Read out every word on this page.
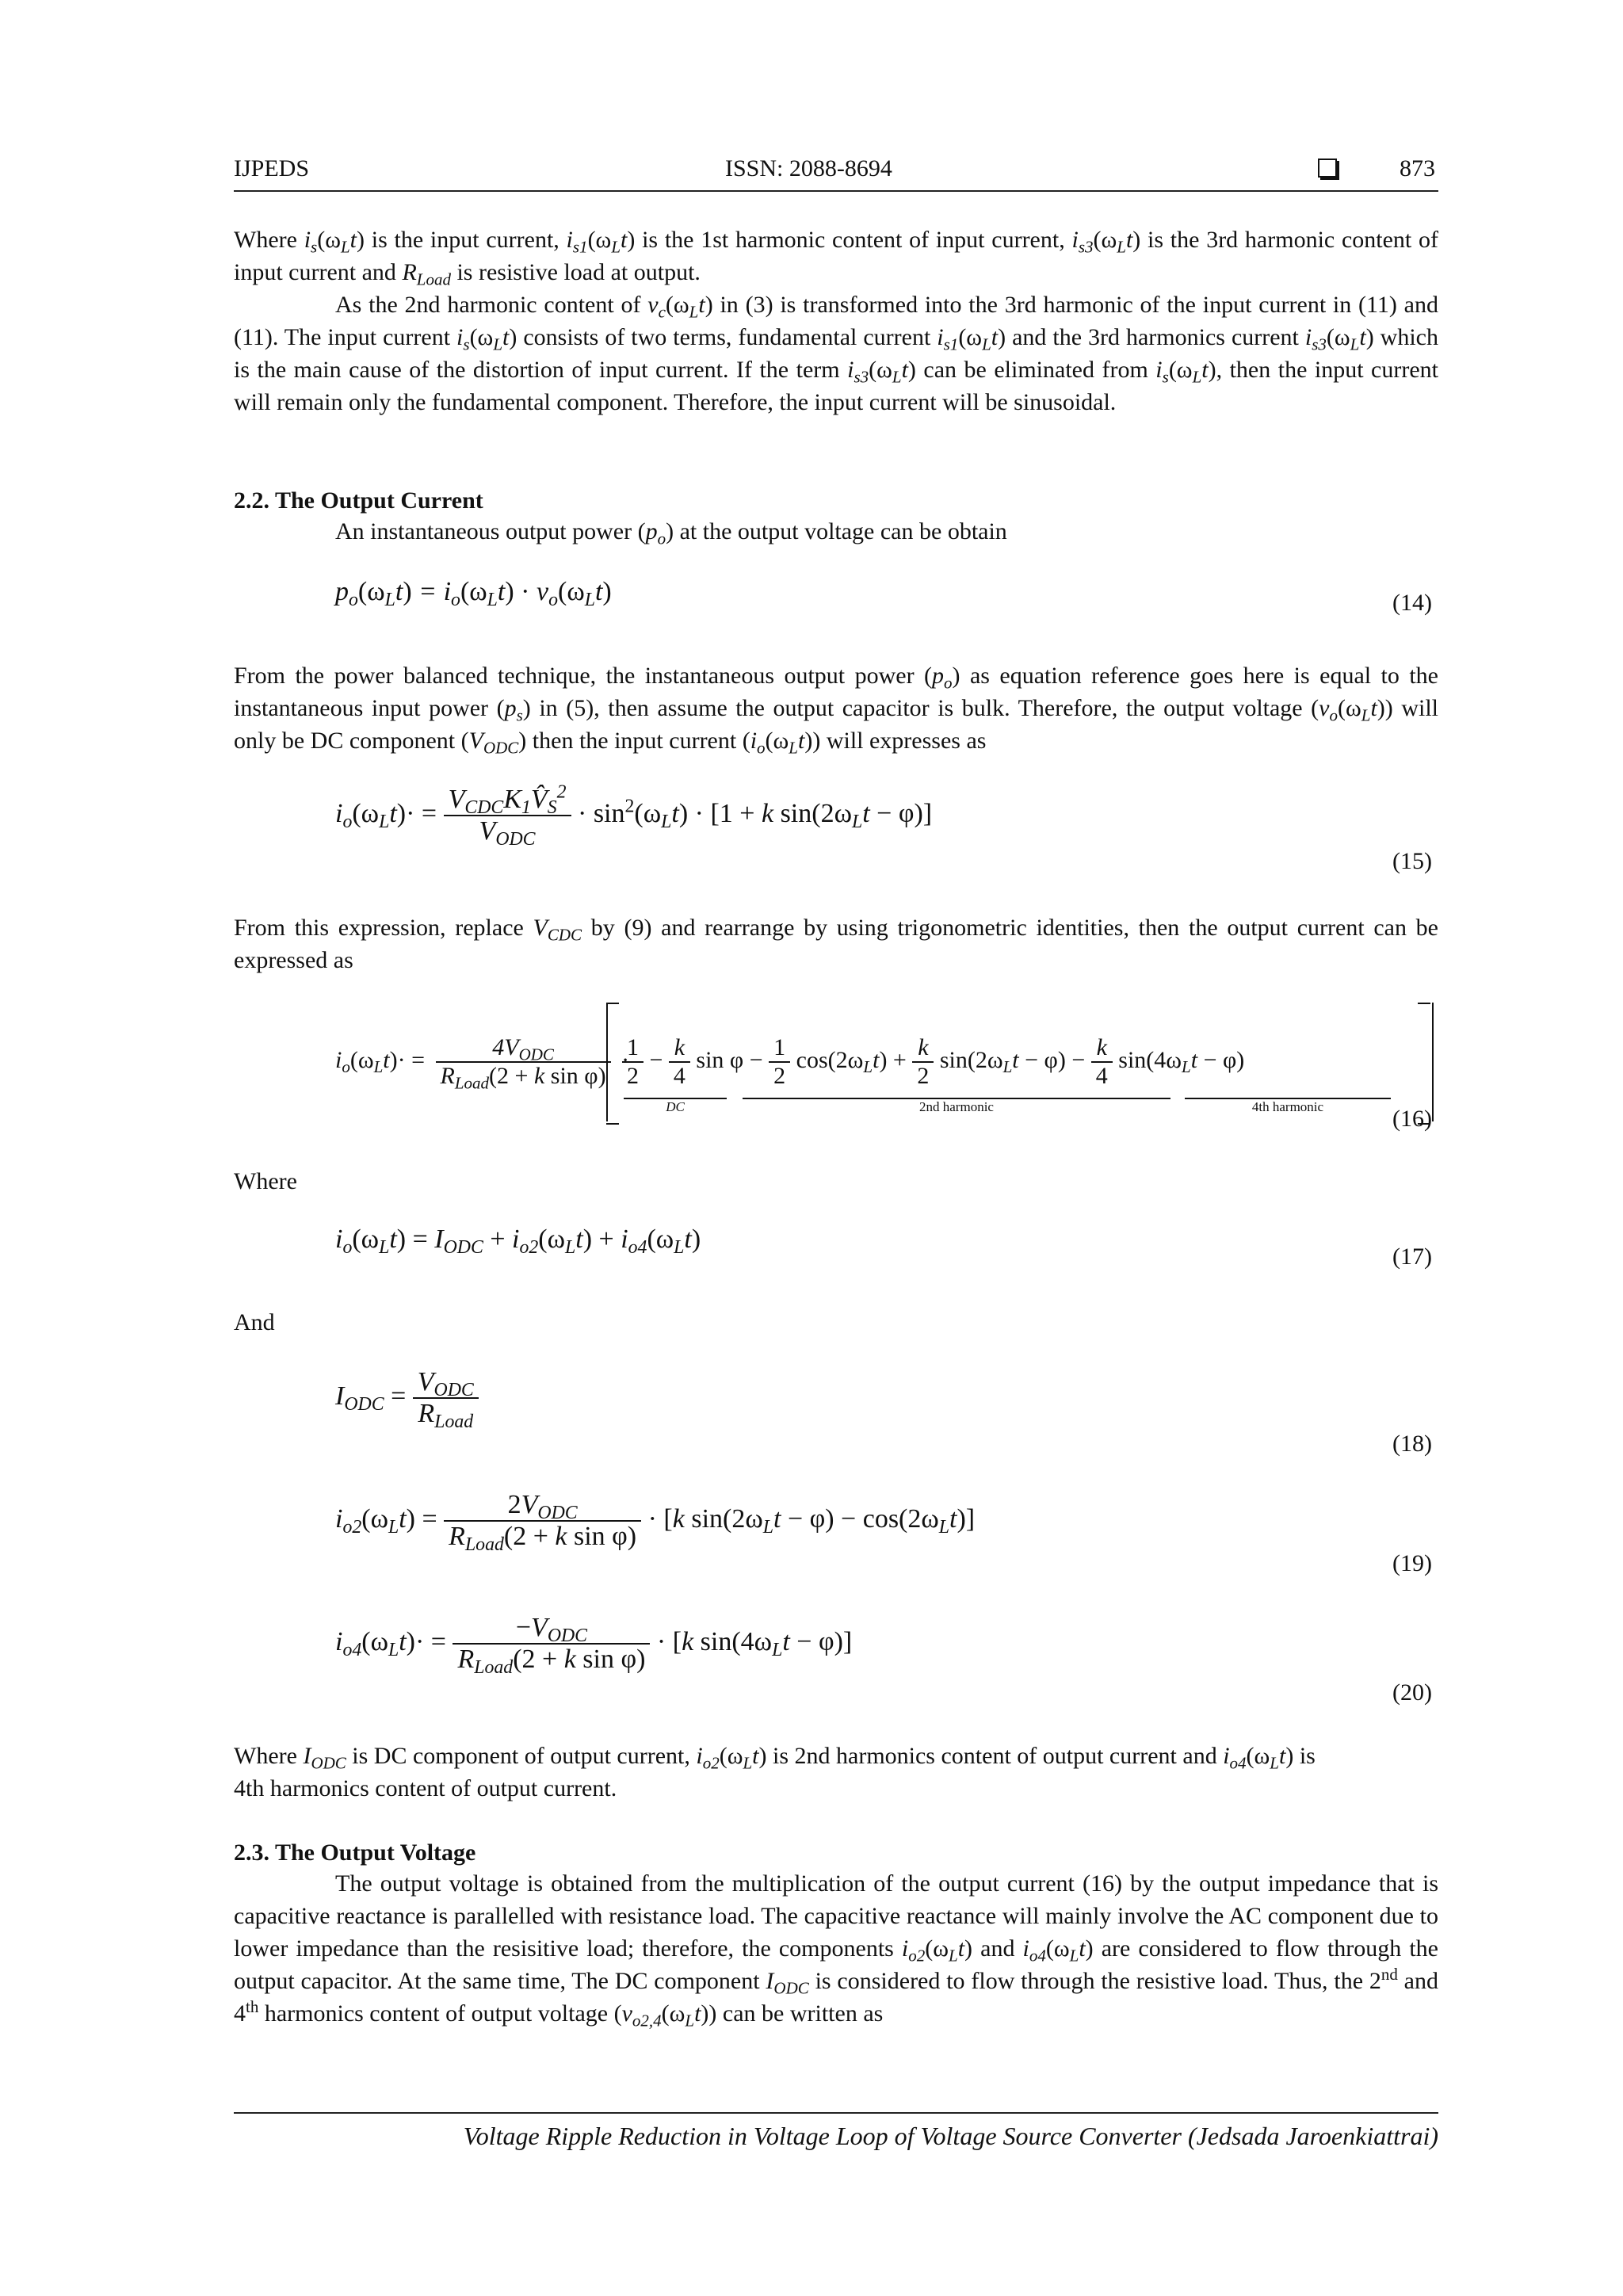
IJPEDS	ISSN: 2088-8694	873

Where $i_s(\omega_Lt)$ is the input current, $i_{s1}(\omega_Lt)$ is the 1st harmonic content of input current, $i_{s3}(\omega_Lt)$ is the 3rd harmonic content of input current and $R_{Load}$ is resistive load at output.

As the 2nd harmonic content of $v_c(\omega_Lt)$ in (3) is transformed into the 3rd harmonic of the input current in (11) and (11). The input current $i_s(\omega_Lt)$ consists of two terms, fundamental current $i_{s1}(\omega_Lt)$ and the 3rd harmonics current $i_{s3}(\omega_Lt)$ which is the main cause of the distortion of input current. If the term $i_{s3}(\omega_Lt)$ can be eliminated from $i_s(\omega_Lt)$, then the input current will remain only the fundamental component. Therefore, the input current will be sinusoidal.

2.2. The Output Current

An instantaneous output power $(p_o)$ at the output voltage can be obtain

$p_o(\omega_Lt) = i_o(\omega_Lt) \cdot v_o(\omega_Lt)$	(14)

From the power balanced technique, the instantaneous output power $(p_o)$ as equation reference goes here is equal to the instantaneous input power $(p_s)$ in (5), then assume the output capacitor is bulk. Therefore, the output voltage $(v_o(\omega_Lt))$ will only be DC component $(V_{ODC})$ then the input current $(i_o(\omega_Lt))$ will expresses as

$i_o(\omega_Lt)\cdot = \frac{V_{CDC}K_1V̂_S^2}{V_{ODC}} \cdot \sin^2(\omega_Lt) \cdot [1 + k$ $\sin(2\omega_Lt - \varphi)$]
(15)

From this expression, replace $V_{CDC}$ by (9) and rearrange by using trigonometric identities, then the output current can be expressed as

$i_o(\omega_Lt)\cdot = \frac{4V_{ODC}}{R_{Load}(2 + k \sin \varphi)}$ ·
$\frac{1}{2} - \frac{k}{4}$ $\sin \varphi - \frac{1}{2} \cos(2\omega_Lt) + \frac{k}{2} \sin(2\omega_Lt - \varphi) - \frac{k}{4} \sin(4\omega_Lt - \varphi)$
DC	2nd harmonic	4th harmonic	(16)

Where

$i_o(\omega_Lt) = I_{ODC} + i_{o2}(\omega_Lt) + i_{o4}(\omega_Lt)$
(17)

And

$I_{ODC} = \frac{V_{ODC}}{R_{Load}}$
(18)
$i_{o2}(\omega_Lt) = \frac{2V_{ODC}}{R_{Load}(2 + k \sin \varphi)} \cdot [k$ $\sin(2\omega_Lt - \varphi) - \cos(2\omega_Lt)$]
(19)
$i_{o4}(\omega_Lt)\cdot = \frac{-V_{ODC}}{R_{Load}(2 + k \sin \varphi)} \cdot [k$ $\sin(4\omega_Lt - \varphi)$]
(20)

Where $I_{ODC}$ is DC component of output current, $i_{o2}(\omega_Lt)$ is 2nd harmonics content of output current and $i_{o4}(\omega_Lt)$ is 4th harmonics content of output current.

2.3. The Output Voltage

The output voltage is obtained from the multiplication of the output current (16) by the output impedance that is capacitive reactance is parallelled with resistance load. The capacitive reactance will mainly involve the AC component due to lower impedance than the resisitive load; therefore, the components $i_{o2}(\omega_Lt)$ and $i_{o4}(\omega_Lt)$ are considered to flow through the output capacitor. At the same time, The DC component $I_{ODC}$ is considered to flow through the resistive load. Thus, the 2nd and 4th harmonics content of output voltage $(v_{o2,4}(\omega_Lt))$ can be written as

Voltage Ripple Reduction in Voltage Loop of Voltage Source Converter (Jedsada Jaroenkiattrai)
